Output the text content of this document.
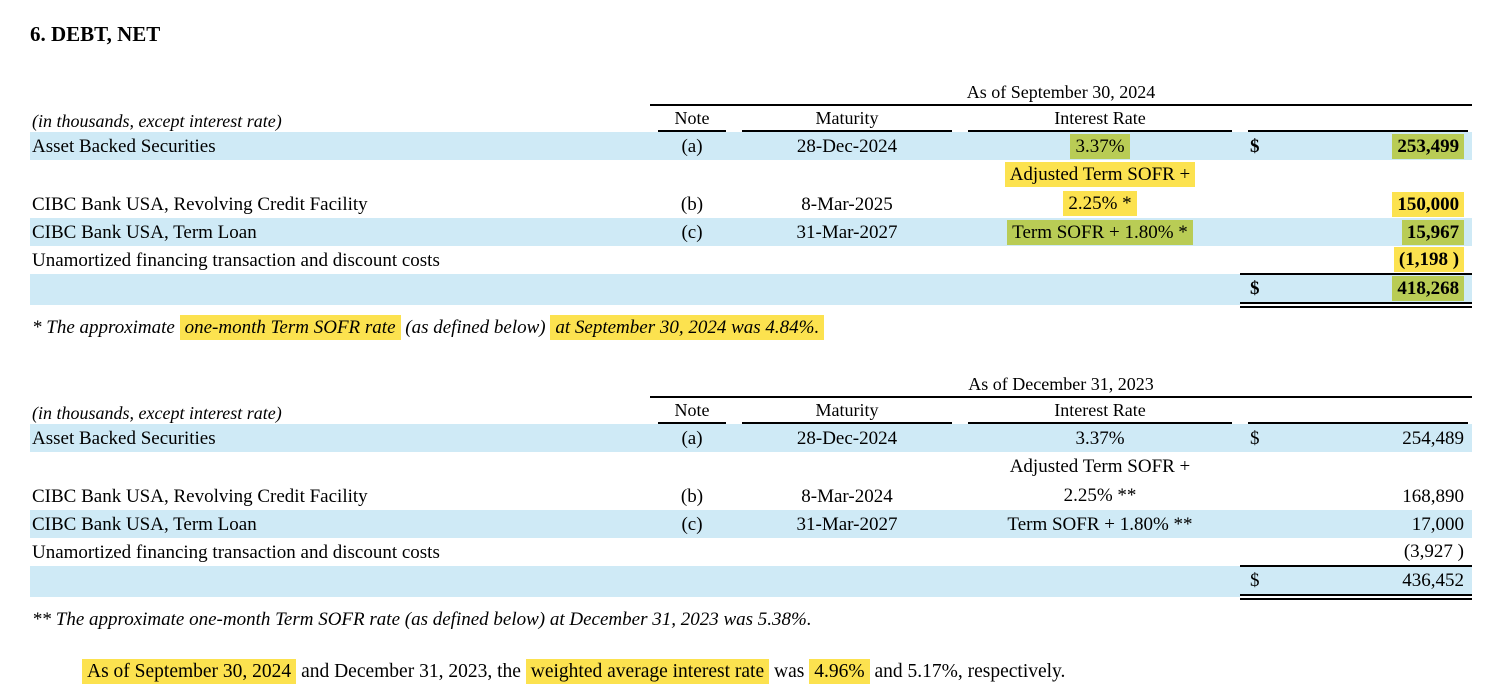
6. DEBT, NET
	As of September 30, 2024				

(in thousands, except interest rate)	Note	Maturity	Interest Rate		

Asset Backed Securities	(a)	28-Dec-2024	3.37%	$	253,499
CIBC Bank USA, Revolving Credit Facility	(b)	8-Mar-2025	Adjusted Term SOFR +
2.25% *		150,000
CIBC Bank USA, Term Loan	(c)	31-Mar-2027	Term SOFR + 1.80% *		15,967
Unamortized financing transaction and discount costs					(1,198 )
				$	418,268

* The approximate one-month Term SOFR rate (as defined below) at September 30, 2024 was 4.84%.

	As of December 31, 2023				

(in thousands, except interest rate)	Note	Maturity	Interest Rate		

Asset Backed Securities	(a)	28-Dec-2024	3.37%	$	254,489
CIBC Bank USA, Revolving Credit Facility	(b)	8-Mar-2024	Adjusted Term SOFR +
2.25% **		168,890
CIBC Bank USA, Term Loan	(c)	31-Mar-2027	Term SOFR + 1.80% **		17,000
Unamortized financing transaction and discount costs					(3,927 )
				$	436,452

** The approximate one-month Term SOFR rate (as defined below) at December 31, 2023 was 5.38%.

As of September 30, 2024 and December 31, 2023, the weighted average interest rate was 4.96% and 5.17%, respectively.
